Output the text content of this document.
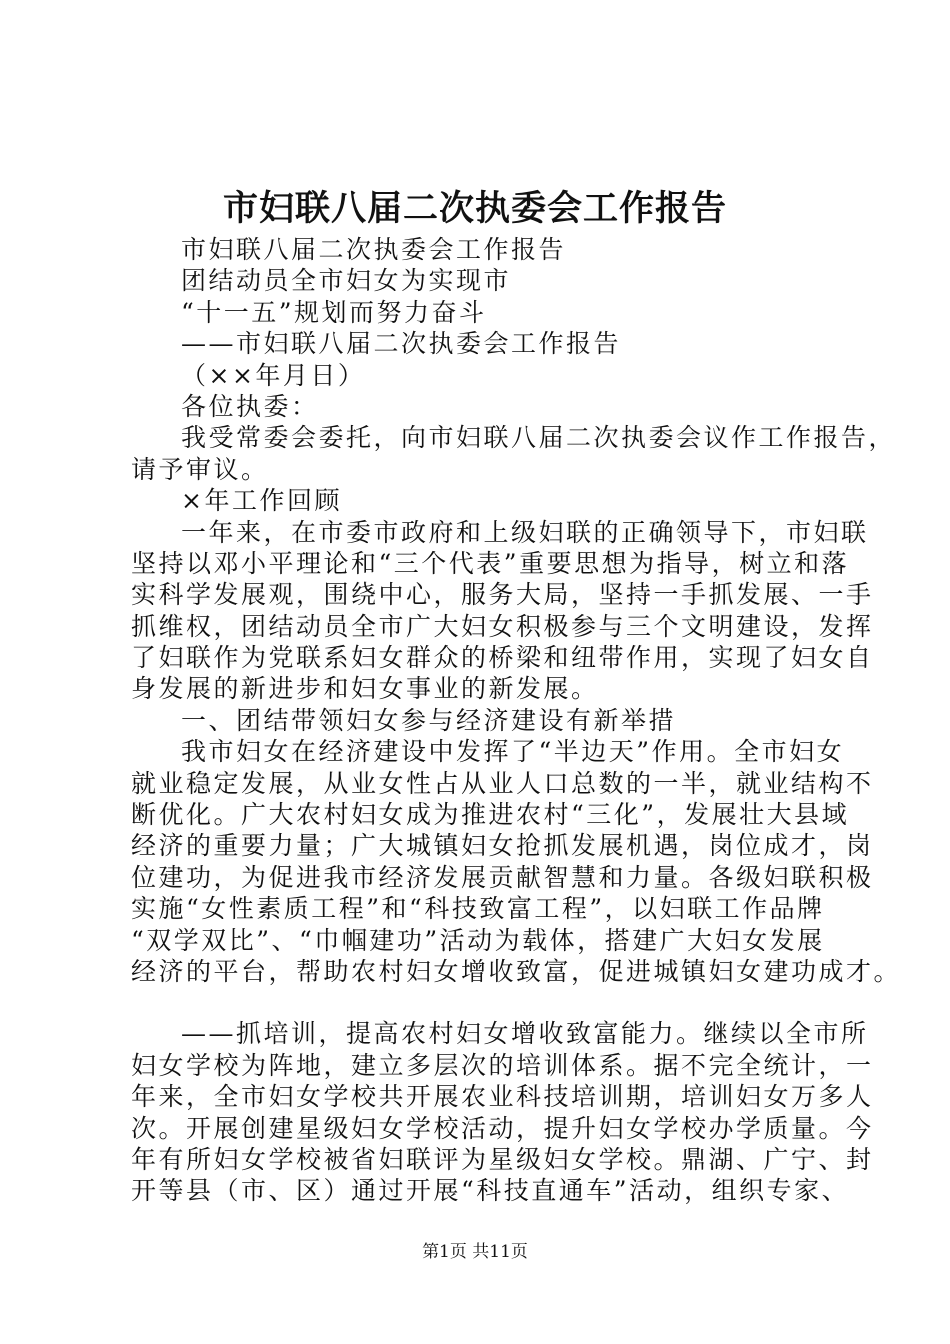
市妇联八届二次执委会工作报告
市妇联八届二次执委会工作报告
团结动员全市妇女为实现市
“十一五”规划而努力奋斗
——市妇联八届二次执委会工作报告
（××年月日）
各位执委：
我受常委会委托，向市妇联八届二次执委会议作工作报告，
请予审议。
×年工作回顾
一年来，在市委市政府和上级妇联的正确领导下，市妇联
坚持以邓小平理论和“三个代表”重要思想为指导，树立和落
实科学发展观，围绕中心，服务大局，坚持一手抓发展、一手
抓维权，团结动员全市广大妇女积极参与三个文明建设，发挥
了妇联作为党联系妇女群众的桥梁和纽带作用，实现了妇女自
身发展的新进步和妇女事业的新发展。
一、团结带领妇女参与经济建设有新举措
我市妇女在经济建设中发挥了“半边天”作用。全市妇女
就业稳定发展，从业女性占从业人口总数的一半，就业结构不
断优化。广大农村妇女成为推进农村“三化”，发展壮大县域
经济的重要力量；广大城镇妇女抢抓发展机遇，岗位成才，岗
位建功，为促进我市经济发展贡献智慧和力量。各级妇联积极
实施“女性素质工程”和“科技致富工程”，以妇联工作品牌
“双学双比”、“巾帼建功”活动为载体，搭建广大妇女发展
经济的平台，帮助农村妇女增收致富，促进城镇妇女建功成才。
——抓培训，提高农村妇女增收致富能力。继续以全市所
妇女学校为阵地，建立多层次的培训体系。据不完全统计，一
年来，全市妇女学校共开展农业科技培训期，培训妇女万多人
次。开展创建星级妇女学校活动，提升妇女学校办学质量。今
年有所妇女学校被省妇联评为星级妇女学校。鼎湖、广宁、封
开等县（市、区）通过开展“科技直通车”活动，组织专家、
第1页 共11页
